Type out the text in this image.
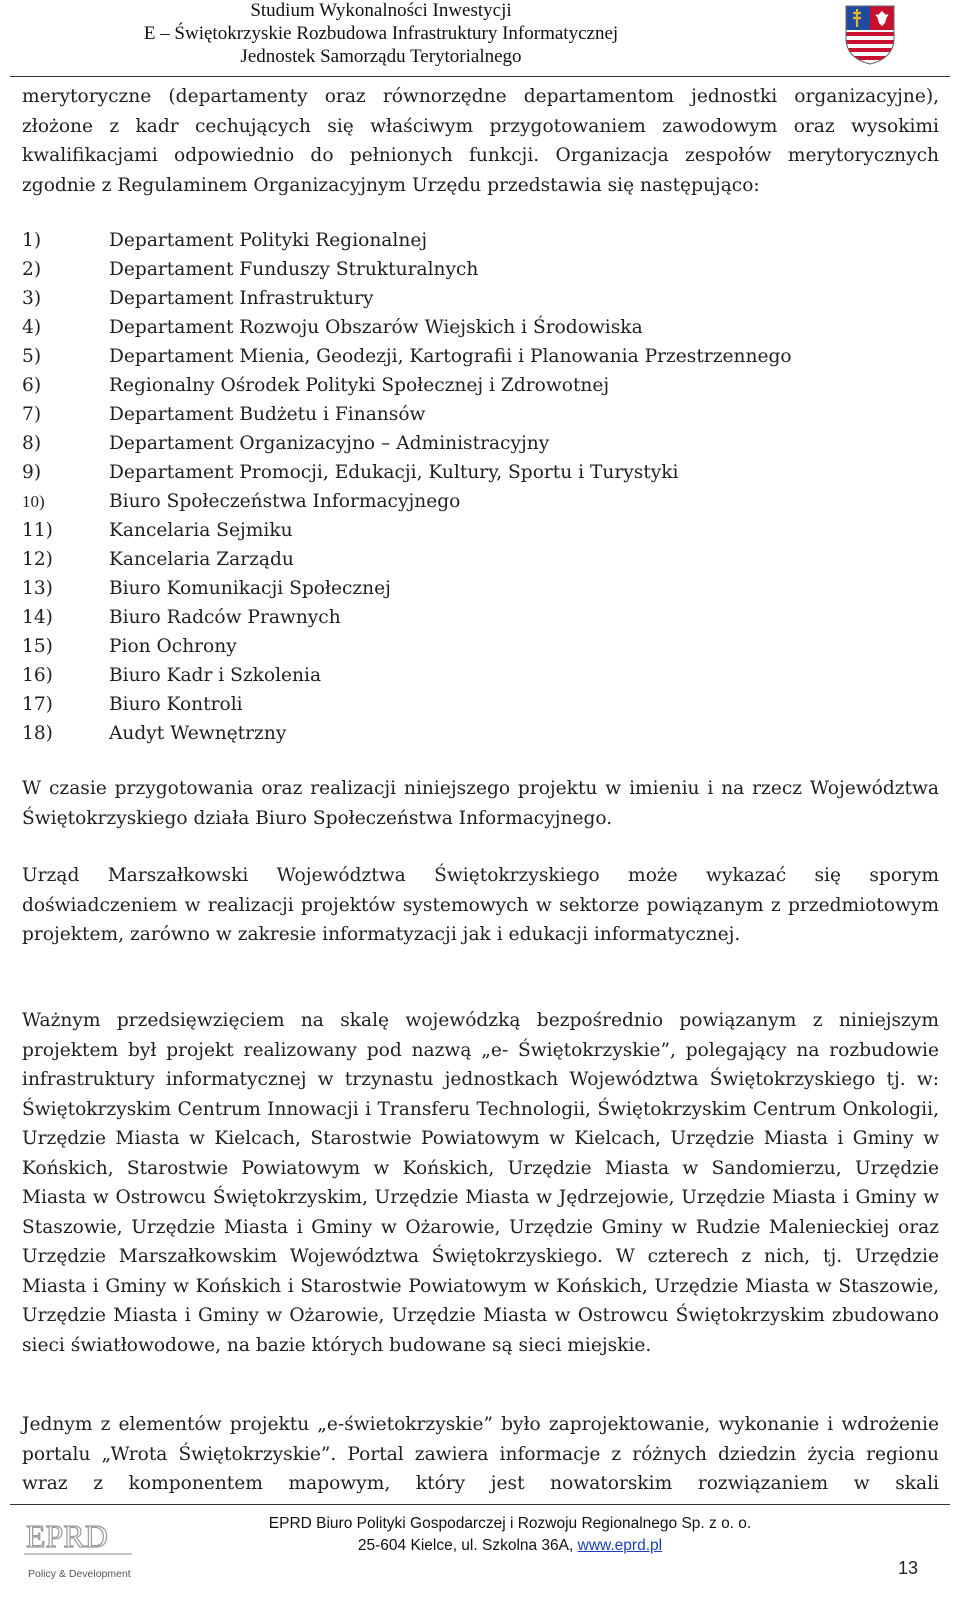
Studium Wykonalności Inwestycji
E – Świętokrzyskie Rozbudowa Infrastruktury Informatycznej
Jednostek Samorządu Terytorialnego

merytoryczne (departamenty oraz równorzędne departamentom jednostki organizacyjne), złożone z kadr cechujących się właściwym przygotowaniem zawodowym oraz wysokimi kwalifikacjami odpowiednio do pełnionych funkcji. Organizacja zespołów merytorycznych zgodnie z Regulaminem Organizacyjnym Urzędu przedstawia się następująco:

1)	Departament Polityki Regionalnej
2)	Departament Funduszy Strukturalnych
3)	Departament Infrastruktury
4)	Departament Rozwoju Obszarów Wiejskich i Środowiska
5)	Departament Mienia, Geodezji, Kartografii i Planowania Przestrzennego
6)	Regionalny Ośrodek Polityki Społecznej i Zdrowotnej
7)	Departament Budżetu i Finansów
8)	Departament Organizacyjno – Administracyjny
9)	Departament Promocji, Edukacji, Kultury, Sportu i Turystyki
10)	Biuro Społeczeństwa Informacyjnego
11)	Kancelaria Sejmiku
12)	Kancelaria Zarządu
13)	Biuro Komunikacji Społecznej
14)	Biuro Radców Prawnych
15)	Pion Ochrony
16)	Biuro Kadr i Szkolenia
17)	Biuro Kontroli
18)	Audyt Wewnętrzny

W czasie przygotowania oraz realizacji niniejszego projektu w imieniu i na rzecz Województwa Świętokrzyskiego działa Biuro Społeczeństwa Informacyjnego.

Urząd Marszałkowski Województwa Świętokrzyskiego może wykazać się sporym doświadczeniem w realizacji projektów systemowych w sektorze powiązanym z przedmiotowym projektem, zarówno w zakresie informatyzacji jak i edukacji informatycznej.

Ważnym przedsięwzięciem na skalę wojewódzką bezpośrednio powiązanym z niniejszym projektem był projekt realizowany pod nazwą „e- Świętokrzyskie”, polegający na rozbudowie infrastruktury informatycznej w trzynastu jednostkach Województwa Świętokrzyskiego tj. w: Świętokrzyskim Centrum Innowacji i Transferu Technologii, Świętokrzyskim Centrum Onkologii, Urzędzie Miasta w Kielcach, Starostwie Powiatowym w Kielcach, Urzędzie Miasta i Gminy w Końskich, Starostwie Powiatowym w Końskich, Urzędzie Miasta w Sandomierzu, Urzędzie Miasta w Ostrowcu Świętokrzyskim, Urzędzie Miasta w Jędrzejowie, Urzędzie Miasta i Gminy w Staszowie, Urzędzie Miasta i Gminy w Ożarowie, Urzędzie Gminy w Rudzie Malenieckiej oraz Urzędzie Marszałkowskim Województwa Świętokrzyskiego. W czterech z nich, tj. Urzędzie Miasta i Gminy w Końskich i Starostwie Powiatowym w Końskich, Urzędzie Miasta w Staszowie, Urzędzie Miasta i Gminy w Ożarowie, Urzędzie Miasta w Ostrowcu Świętokrzyskim zbudowano sieci światłowodowe, na bazie których budowane są sieci miejskie.

Jednym z elementów projektu „e-świetokrzyskie” było zaprojektowanie, wykonanie i wdrożenie portalu „Wrota Świętokrzyskie”. Portal zawiera informacje z różnych dziedzin życia regionu wraz z komponentem mapowym, który jest nowatorskim rozwiązaniem w skali

EPRD
Policy & Development
EPRD Biuro Polityki Gospodarczej i Rozwoju Regionalnego Sp. z o. o.
25-604 Kielce, ul. Szkolna 36A, www.eprd.pl
13
